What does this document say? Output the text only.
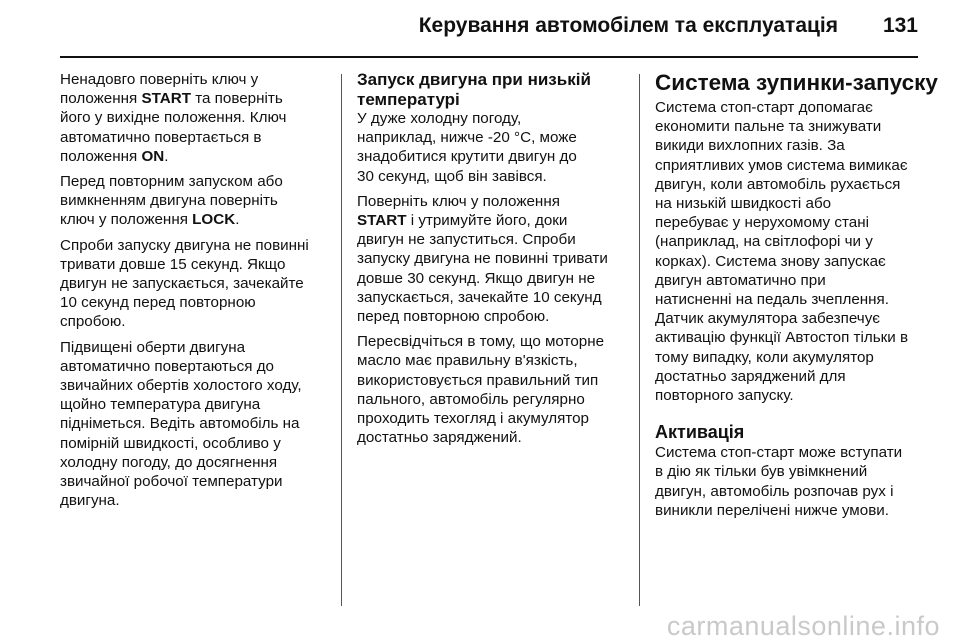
Керування автомобілем та експлуатація 131

Ненадовго поверніть ключ у
положення START та поверніть
його у вихідне положення. Ключ
автоматично повертається в
положення ON.

Перед повторним запуском або
вимкненням двигуна поверніть
ключ у положення LOCK.

Спроби запуску двигуна не повинні
тривати довше 15 секунд. Якщо
двигун не запускається, зачекайте
10 секунд перед повторною
спробою.

Підвищені оберти двигуна
автоматично повертаються до
звичайних обертів холостого ходу,
щойно температура двигуна
підніметься. Ведіть автомобіль на
помірній швидкості, особливо у
холодну погоду, до досягнення
звичайної робочої температури
двигуна.

Запуск двигуна при низькій
температурі

У дуже холодну погоду,
наприклад, нижче -20 °C, може
знадобитися крутити двигун до
30 секунд, щоб він завівся.

Поверніть ключ у положення
START і утримуйте його, доки
двигун не запуститься. Спроби
запуску двигуна не повинні тривати
довше 30 секунд. Якщо двигун не
запускається, зачекайте 10 секунд
перед повторною спробою.

Пересвідчіться в тому, що моторне
масло має правильну в'язкість,
використовується правильний тип
пального, автомобіль регулярно
проходить техогляд і акумулятор
достатньо заряджений.

Система зупинки-запуску

Система стоп-старт допомагає
економити пальне та знижувати
викиди вихлопних газів. За
сприятливих умов система вимикає
двигун, коли автомобіль рухається
на низькій швидкості або
перебуває у нерухомому стані
(наприклад, на світлофорі чи у
корках). Система знову запускає
двигун автоматично при
натисненні на педаль зчеплення.
Датчик акумулятора забезпечує
активацію функції Автостоп тільки в
тому випадку, коли акумулятор
достатньо заряджений для
повторного запуску.

Активація

Система стоп-старт може вступати
в дію як тільки був увімкнений
двигун, автомобіль розпочав рух і
виникли перелічені нижче умови.

carmanualsonline.info
